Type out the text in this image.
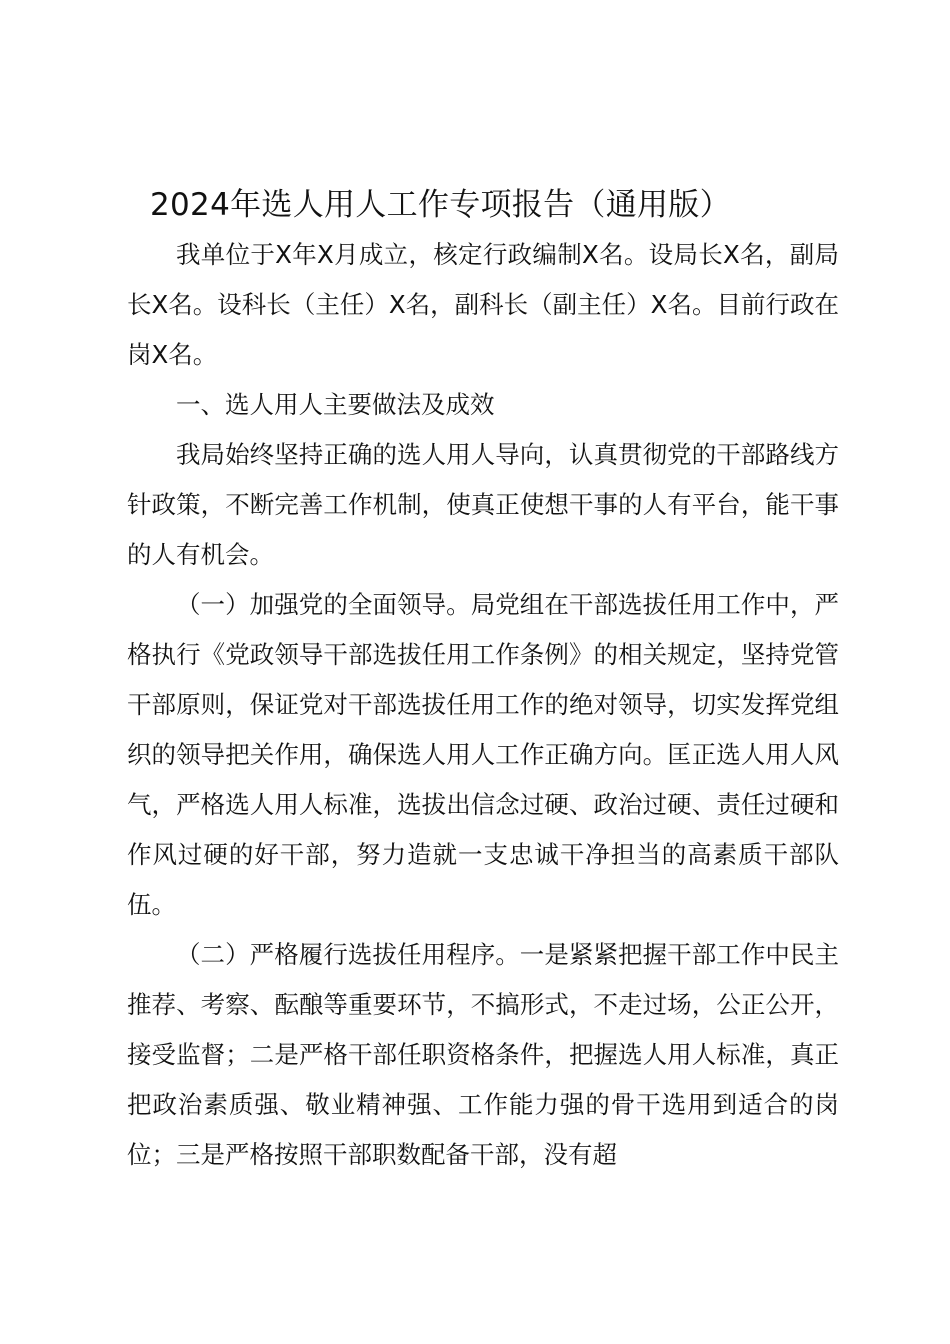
2024年选人用人工作专项报告（通用版）

我单位于X年X月成立，核定行政编制X名。设局长X名，副局长X名。设科长（主任）X名，副科长（副主任）X名。目前行政在岗X名。

一、选人用人主要做法及成效

我局始终坚持正确的选人用人导向，认真贯彻党的干部路线方针政策，不断完善工作机制，使真正使想干事的人有平台，能干事的人有机会。

（一）加强党的全面领导。局党组在干部选拔任用工作中，严格执行《党政领导干部选拔任用工作条例》的相关规定，坚持党管干部原则，保证党对干部选拔任用工作的绝对领导，切实发挥党组织的领导把关作用，确保选人用人工作正确方向。匡正选人用人风气，严格选人用人标准，选拔出信念过硬、政治过硬、责任过硬和作风过硬的好干部，努力造就一支忠诚干净担当的高素质干部队伍。

（二）严格履行选拔任用程序。一是紧紧把握干部工作中民主推荐、考察、酝酿等重要环节，不搞形式，不走过场，公正公开，接受监督；二是严格干部任职资格条件，把握选人用人标准，真正把政治素质强、敬业精神强、工作能力强的骨干选用到适合的岗位；三是严格按照干部职数配备干部，没有超
